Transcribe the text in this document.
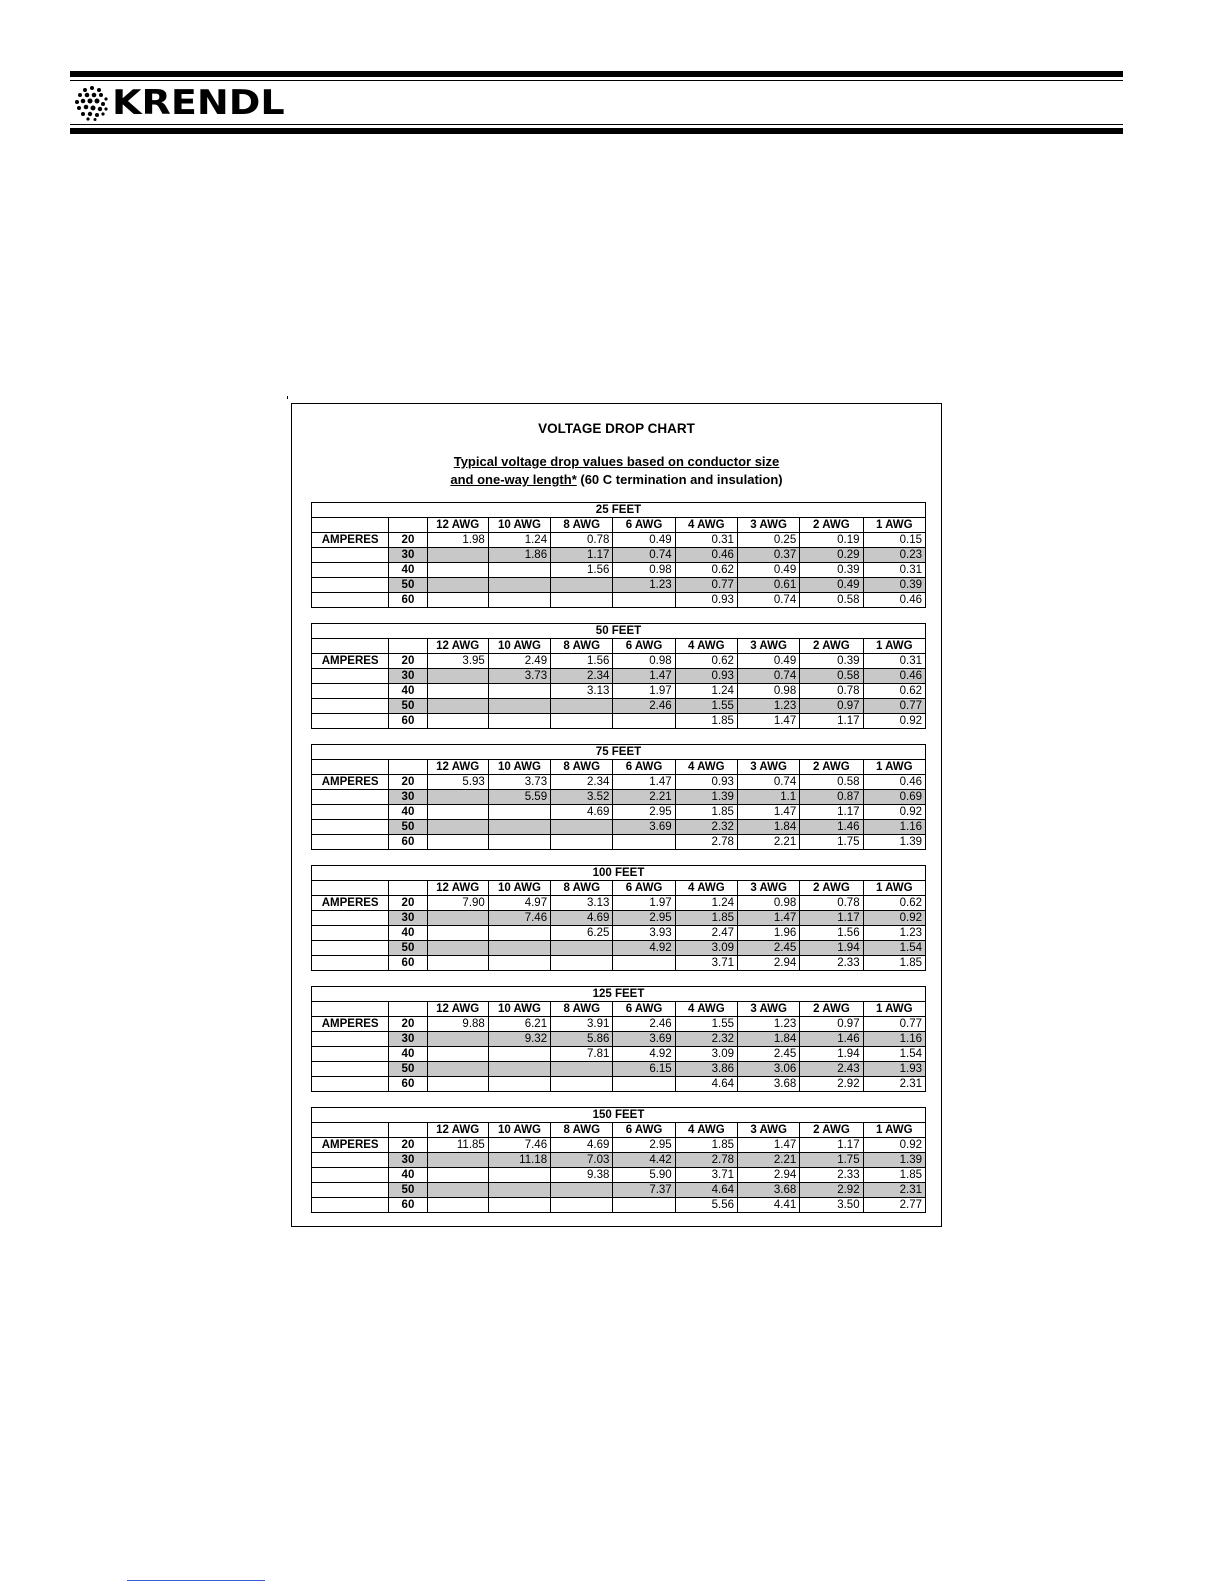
KRENDL
VOLTAGE DROP CHART
Typical voltage drop values based on conductor size
and one-way length* (60 C termination and insulation)
25 FEET									
		12 AWG	10 AWG	8 AWG	6 AWG	4 AWG	3 AWG	2 AWG	1 AWG
AMPERES	20	1.98	1.24	0.78	0.49	0.31	0.25	0.19	0.15
	30		1.86	1.17	0.74	0.46	0.37	0.29	0.23
	40			1.56	0.98	0.62	0.49	0.39	0.31
	50				1.23	0.77	0.61	0.49	0.39
	60					0.93	0.74	0.58	0.46
50 FEET									
		12 AWG	10 AWG	8 AWG	6 AWG	4 AWG	3 AWG	2 AWG	1 AWG
AMPERES	20	3.95	2.49	1.56	0.98	0.62	0.49	0.39	0.31
	30		3.73	2.34	1.47	0.93	0.74	0.58	0.46
	40			3.13	1.97	1.24	0.98	0.78	0.62
	50				2.46	1.55	1.23	0.97	0.77
	60					1.85	1.47	1.17	0.92
75 FEET									
		12 AWG	10 AWG	8 AWG	6 AWG	4 AWG	3 AWG	2 AWG	1 AWG
AMPERES	20	5.93	3.73	2.34	1.47	0.93	0.74	0.58	0.46
	30		5.59	3.52	2.21	1.39	1.1	0.87	0.69
	40			4.69	2.95	1.85	1.47	1.17	0.92
	50				3.69	2.32	1.84	1.46	1.16
	60					2.78	2.21	1.75	1.39
100 FEET									
		12 AWG	10 AWG	8 AWG	6 AWG	4 AWG	3 AWG	2 AWG	1 AWG
AMPERES	20	7.90	4.97	3.13	1.97	1.24	0.98	0.78	0.62
	30		7.46	4.69	2.95	1.85	1.47	1.17	0.92
	40			6.25	3.93	2.47	1.96	1.56	1.23
	50				4.92	3.09	2.45	1.94	1.54
	60					3.71	2.94	2.33	1.85
125 FEET									
		12 AWG	10 AWG	8 AWG	6 AWG	4 AWG	3 AWG	2 AWG	1 AWG
AMPERES	20	9.88	6.21	3.91	2.46	1.55	1.23	0.97	0.77
	30		9.32	5.86	3.69	2.32	1.84	1.46	1.16
	40			7.81	4.92	3.09	2.45	1.94	1.54
	50				6.15	3.86	3.06	2.43	1.93
	60					4.64	3.68	2.92	2.31
150 FEET									
		12 AWG	10 AWG	8 AWG	6 AWG	4 AWG	3 AWG	2 AWG	1 AWG
AMPERES	20	11.85	7.46	4.69	2.95	1.85	1.47	1.17	0.92
	30		11.18	7.03	4.42	2.78	2.21	1.75	1.39
	40			9.38	5.90	3.71	2.94	2.33	1.85
	50				7.37	4.64	3.68	2.92	2.31
	60					5.56	4.41	3.50	2.77
